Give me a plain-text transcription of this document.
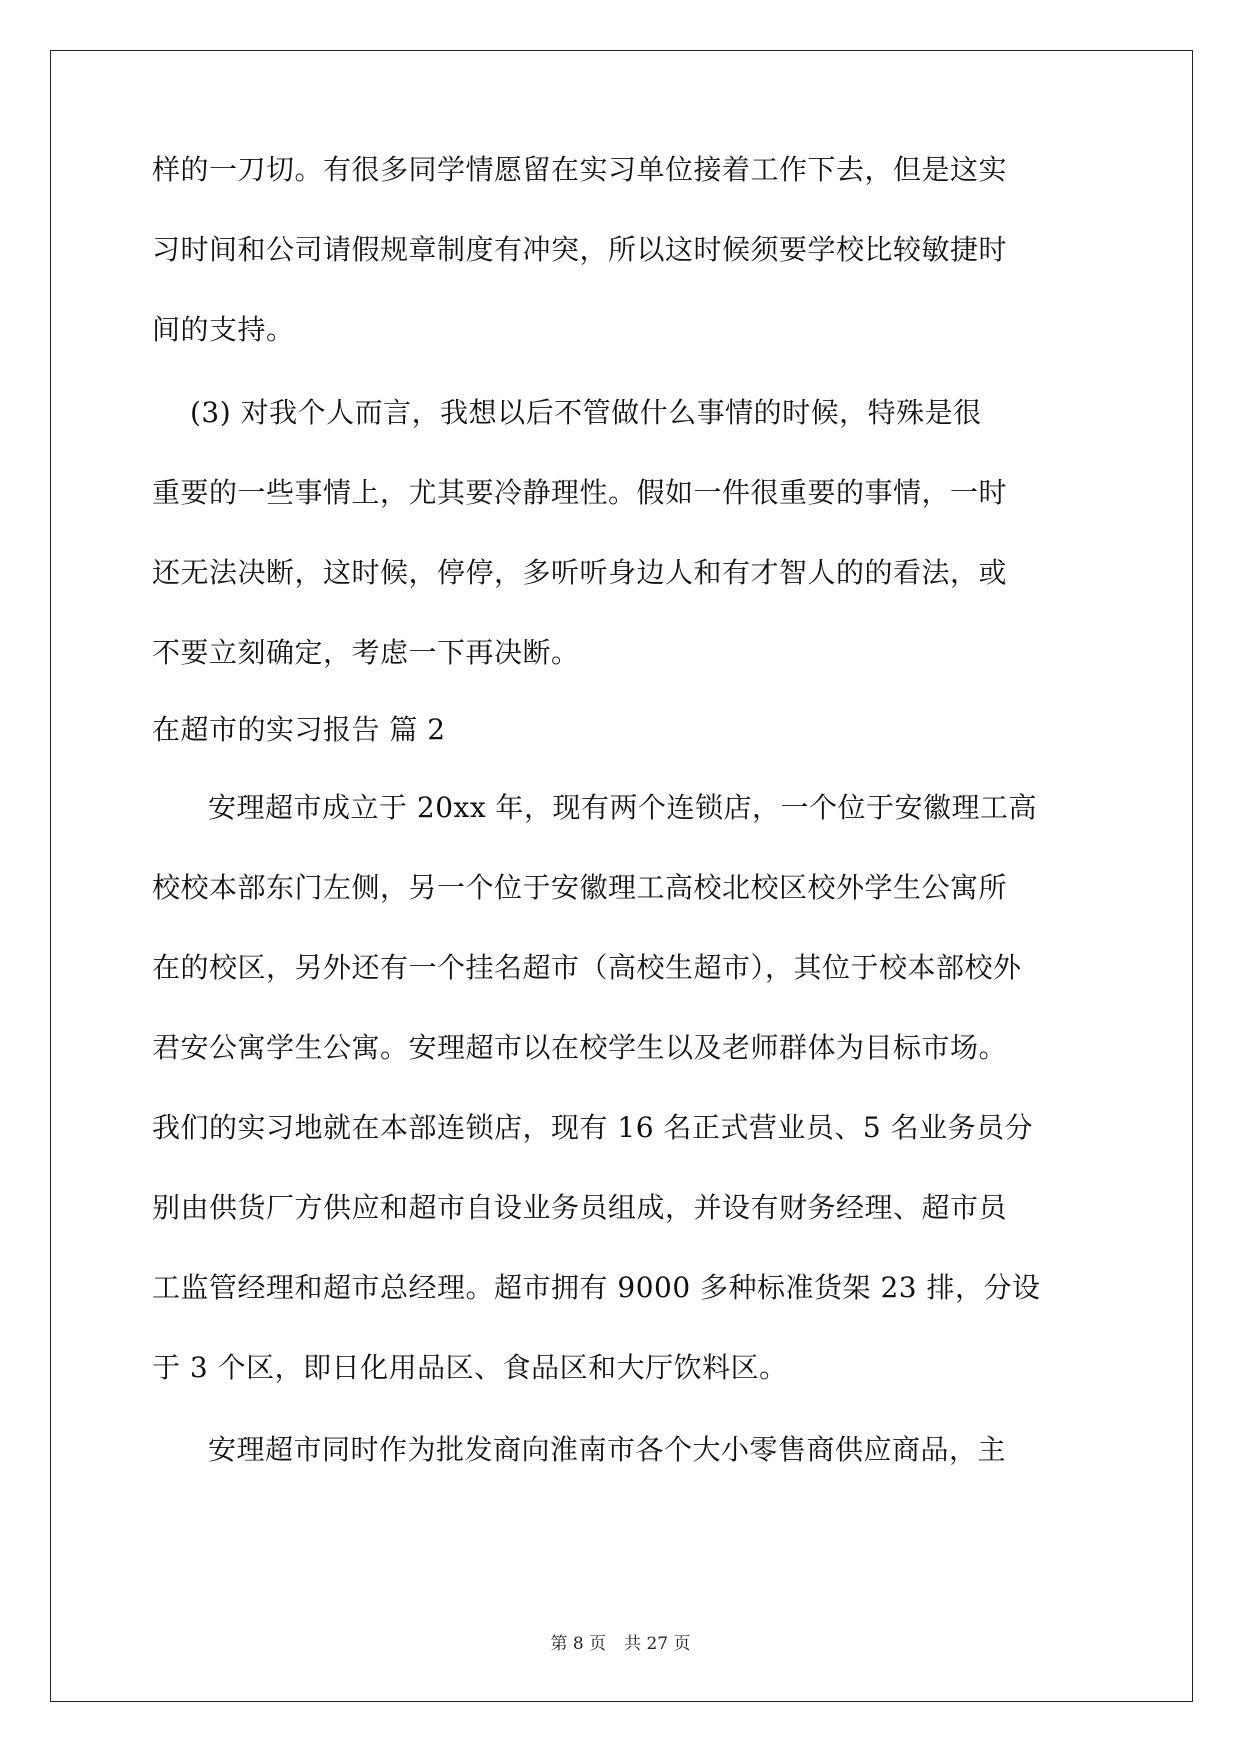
样的一刀切。有很多同学情愿留在实习单位接着工作下去，但是这实
习时间和公司请假规章制度有冲突，所以这时候须要学校比较敏捷时
间的支持。
(3) 对我个人而言，我想以后不管做什么事情的时候，特殊是很
重要的一些事情上，尤其要冷静理性。假如一件很重要的事情，一时
还无法决断，这时候，停停，多听听身边人和有才智人的的看法，或
不要立刻确定，考虑一下再决断。
在超市的实习报告 篇 2
安理超市成立于 20xx 年，现有两个连锁店，一个位于安徽理工高
校校本部东门左侧，另一个位于安徽理工高校北校区校外学生公寓所
在的校区，另外还有一个挂名超市（高校生超市），其位于校本部校外
君安公寓学生公寓。安理超市以在校学生以及老师群体为目标市场。
我们的实习地就在本部连锁店，现有 16 名正式营业员、5 名业务员分
别由供货厂方供应和超市自设业务员组成，并设有财务经理、超市员
工监管经理和超市总经理。超市拥有 9000 多种标准货架 23 排，分设
于 3 个区，即日化用品区、食品区和大厅饮料区。
安理超市同时作为批发商向淮南市各个大小零售商供应商品，主
第 8 页 共 27 页
